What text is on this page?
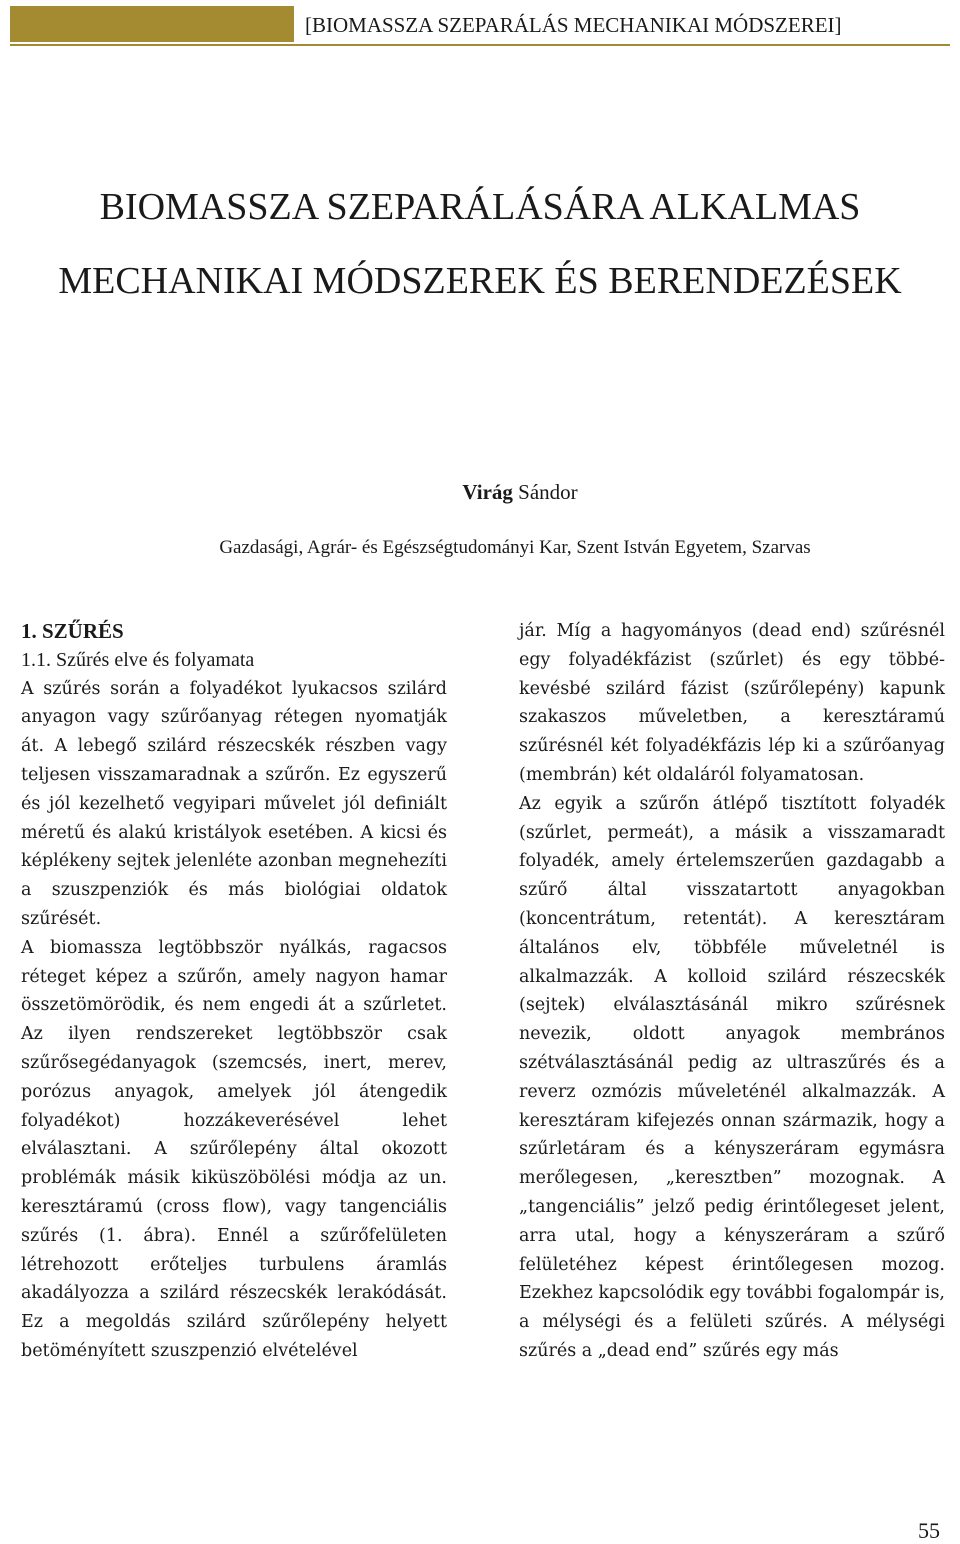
[BIOMASSZA SZEPARÁLÁS MECHANIKAI MÓDSZEREI]
BIOMASSZA SZEPARÁLÁSÁRA ALKALMAS
MECHANIKAI MÓDSZEREK ÉS BERENDEZÉSEK
Virág Sándor
Gazdasági, Agrár- és Egészségtudományi Kar, Szent István Egyetem, Szarvas
1. SZŰRÉS
1.1. Szűrés elve és folyamata

A szűrés során a folyadékot lyukacsos szilárd anyagon vagy szűrőanyag rétegen nyomatják át. A lebegő szilárd részecskék részben vagy teljesen visszamaradnak a szűrőn. Ez egyszerű és jól kezelhető vegyipari művelet jól definiált méretű és alakú kristályok esetében. A kicsi és képlékeny sejtek jelenléte azonban megnehezíti a szuszpenziók és más biológiai oldatok szűrését.

A biomassza legtöbbször nyálkás, ragacsos réteget képez a szűrőn, amely nagyon hamar összetömörödik, és nem engedi át a szűrletet. Az ilyen rendszereket legtöbbször csak szűrősegédanyagok (szemcsés, inert, merev, porózus anyagok, amelyek jól átengedik folyadékot) hozzákeverésével lehet elválasztani. A szűrőlepény által okozott problémák másik kiküszöbölési módja az un. keresztáramú (cross flow), vagy tangenciális szűrés (1. ábra). Ennél a szűrőfelületen létrehozott erőteljes turbulens áramlás akadályozza a szilárd részecskék lerakódását. Ez a megoldás szilárd szűrőlepény helyett betöményített szuszpenzió elvételével

jár. Míg a hagyományos (dead end) szűrésnél egy folyadékfázist (szűrlet) és egy többé-kevésbé szilárd fázist (szűrőlepény) kapunk szakaszos műveletben, a keresztáramú szűrésnél két folyadékfázis lép ki a szűrőanyag (membrán) két oldaláról folyamatosan.

Az egyik a szűrőn átlépő tisztított folyadék (szűrlet, permeát), a másik a visszamaradt folyadék, amely értelemszerűen gazdagabb a szűrő által visszatartott anyagokban (koncentrátum, retentát). A keresztáram általános elv, többféle műveletnél is alkalmazzák. A kolloid szilárd részecskék (sejtek) elválasztásánál mikro szűrésnek nevezik, oldott anyagok membrános szétválasztásánál pedig az ultraszűrés és a reverz ozmózis műveleténél alkalmazzák. A keresztáram kifejezés onnan származik, hogy a szűrletáram és a kényszeráram egymásra merőlegesen, „keresztben” mozognak. A „tangenciális” jelző pedig érintőlegeset jelent, arra utal, hogy a kényszeráram a szűrő felületéhez képest érintőlegesen mozog. Ezekhez kapcsolódik egy további fogalompár is, a mélységi és a felületi szűrés. A mélységi szűrés a „dead end” szűrés egy más

55
